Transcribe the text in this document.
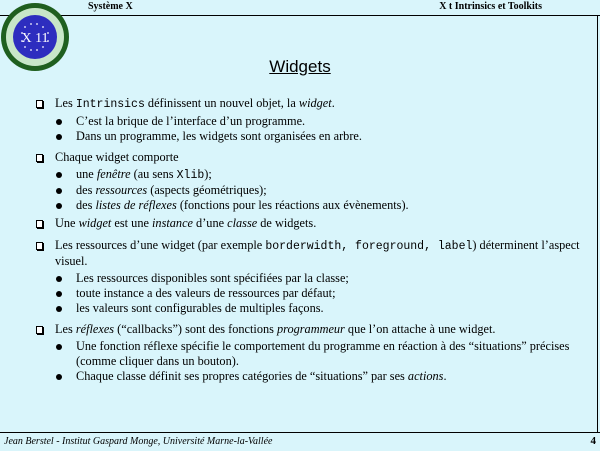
Système X	X t Intrinsics et Toolkits
X 11
Widgets
Les Intrinsics définissent un nouvel objet, la widget.
C’est la brique de l’interface d’un programme.
Dans un programme, les widgets sont organisées en arbre.
Chaque widget comporte
une fenêtre (au sens Xlib);
des ressources (aspects géométriques);
des listes de réflexes (fonctions pour les réactions aux évènements).
Une widget est une instance d’une classe de widgets.
Les ressources d’une widget (par exemple borderwidth, foreground, label) déterminent l’aspect visuel.
Les ressources disponibles sont spécifiées par la classe;
toute instance a des valeurs de ressources par défaut;
les valeurs sont configurables de multiples façons.
Les réflexes (“callbacks”) sont des fonctions programmeur que l’on attache à une widget.
Une fonction réflexe spécifie le comportement du programme en réaction à des “situations” précises (comme cliquer dans un bouton).
Chaque classe définit ses propres catégories de “situations” par ses actions.
Jean Berstel - Institut Gaspard Monge, Université Marne-la-Vallée	4
